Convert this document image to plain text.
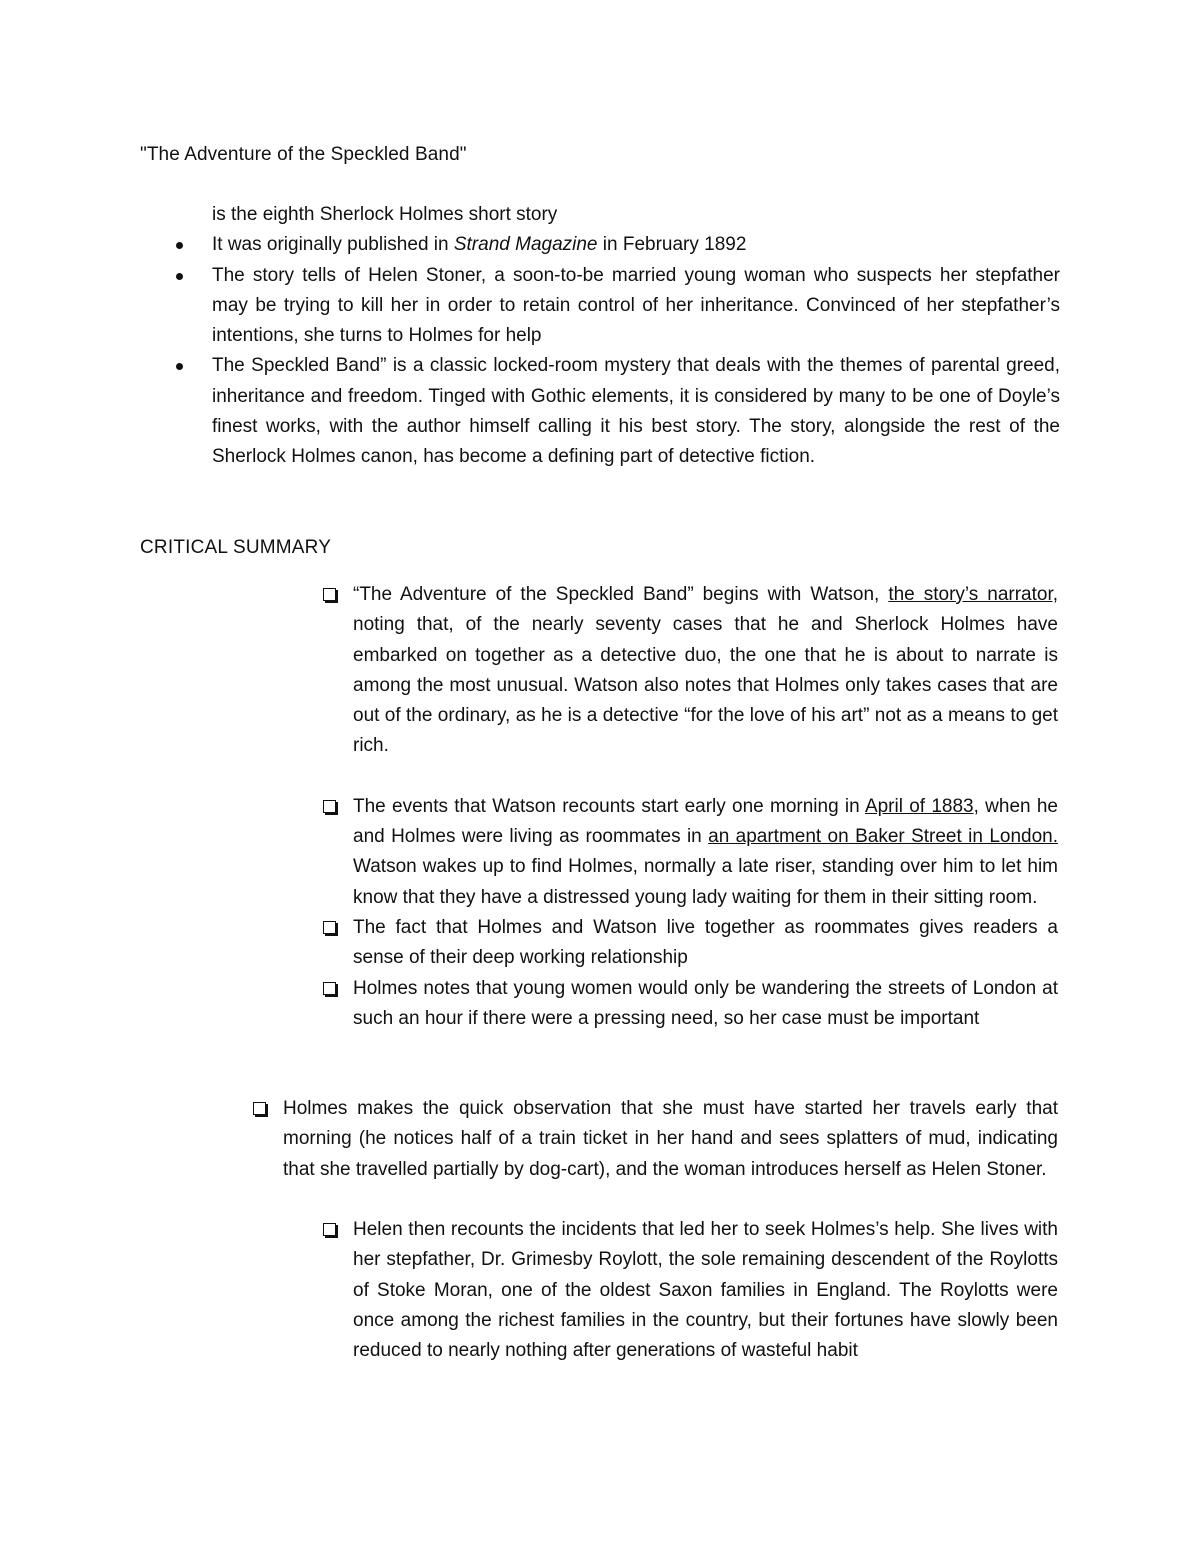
"The Adventure of the Speckled Band"
is the eighth Sherlock Holmes short story
It was originally published in Strand Magazine in February 1892
The story tells of Helen Stoner, a soon-to-be married young woman who suspects her stepfather may be trying to kill her in order to retain control of her inheritance. Convinced of her stepfather’s intentions, she turns to Holmes for help
The Speckled Band” is a classic locked-room mystery that deals with the themes of parental greed, inheritance and freedom. Tinged with Gothic elements, it is considered by many to be one of Doyle’s finest works, with the author himself calling it his best story. The story, alongside the rest of the Sherlock Holmes canon, has become a defining part of detective fiction.
CRITICAL SUMMARY
“The Adventure of the Speckled Band” begins with Watson, the story’s narrator, noting that, of the nearly seventy cases that he and Sherlock Holmes have embarked on together as a detective duo, the one that he is about to narrate is among the most unusual. Watson also notes that Holmes only takes cases that are out of the ordinary, as he is a detective “for the love of his art” not as a means to get rich.
The events that Watson recounts start early one morning in April of 1883, when he and Holmes were living as roommates in an apartment on Baker Street in London. Watson wakes up to find Holmes, normally a late riser, standing over him to let him know that they have a distressed young lady waiting for them in their sitting room.
The fact that Holmes and Watson live together as roommates gives readers a sense of their deep working relationship
Holmes notes that young women would only be wandering the streets of London at such an hour if there were a pressing need, so her case must be important
Holmes makes the quick observation that she must have started her travels early that morning (he notices half of a train ticket in her hand and sees splatters of mud, indicating that she travelled partially by dog-cart), and the woman introduces herself as Helen Stoner.
Helen then recounts the incidents that led her to seek Holmes’s help. She lives with her stepfather, Dr. Grimesby Roylott, the sole remaining descendent of the Roylotts of Stoke Moran, one of the oldest Saxon families in England. The Roylotts were once among the richest families in the country, but their fortunes have slowly been reduced to nearly nothing after generations of wasteful habit
